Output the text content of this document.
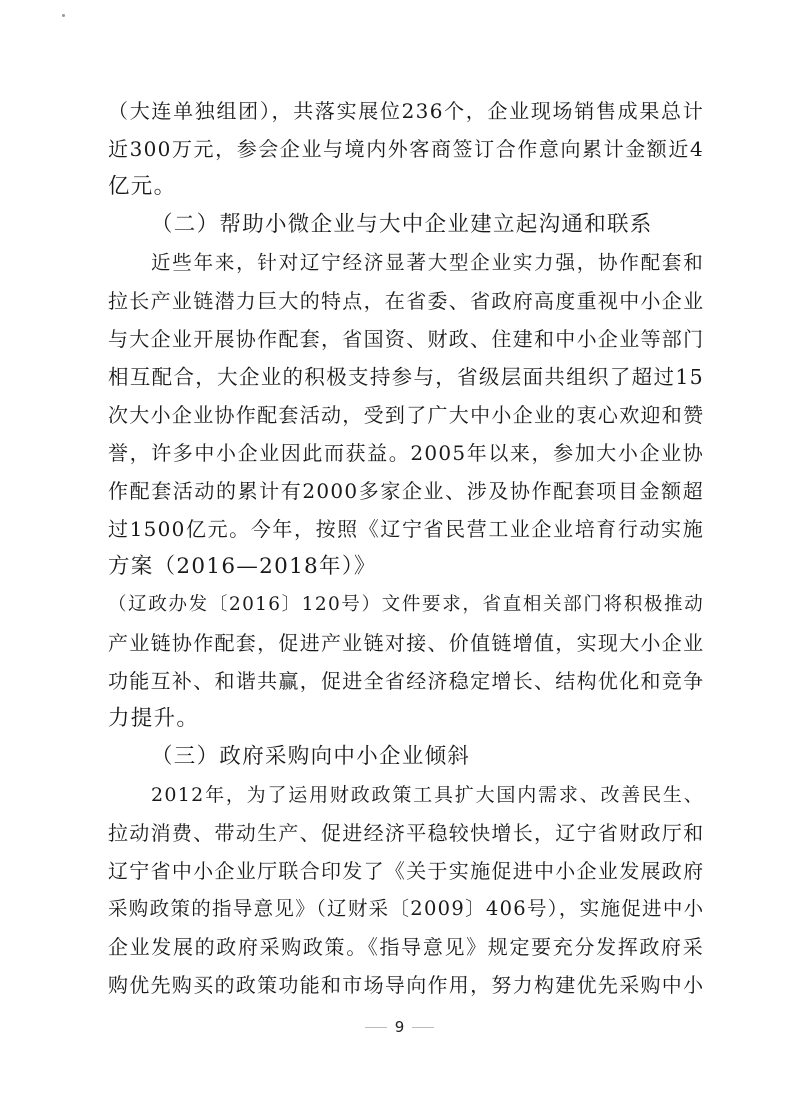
（大连单独组团），共落实展位236个，企业现场销售成果总计
近300万元，参会企业与境内外客商签订合作意向累计金额近4
亿元。
（二）帮助小微企业与大中企业建立起沟通和联系
近些年来，针对辽宁经济显著大型企业实力强，协作配套和
拉长产业链潜力巨大的特点，在省委、省政府高度重视中小企业
与大企业开展协作配套，省国资、财政、住建和中小企业等部门
相互配合，大企业的积极支持参与，省级层面共组织了超过15
次大小企业协作配套活动，受到了广大中小企业的衷心欢迎和赞
誉，许多中小企业因此而获益。2005年以来，参加大小企业协
作配套活动的累计有2000多家企业、涉及协作配套项目金额超
过1500亿元。今年，按照《辽宁省民营工业企业培育行动实施
方案（2016—2018年）》
（辽政办发〔2016〕120号）文件要求，省直相关部门将积极推动
产业链协作配套，促进产业链对接、价值链增值，实现大小企业
功能互补、和谐共赢，促进全省经济稳定增长、结构优化和竞争
力提升。
（三）政府采购向中小企业倾斜
2012年，为了运用财政政策工具扩大国内需求、改善民生、
拉动消费、带动生产、促进经济平稳较快增长，辽宁省财政厅和
辽宁省中小企业厅联合印发了《关于实施促进中小企业发展政府
采购政策的指导意见》（辽财采〔2009〕406号），实施促进中小
企业发展的政府采购政策。《指导意见》规定要充分发挥政府采
购优先购买的政策功能和市场导向作用，努力构建优先采购中小
9
